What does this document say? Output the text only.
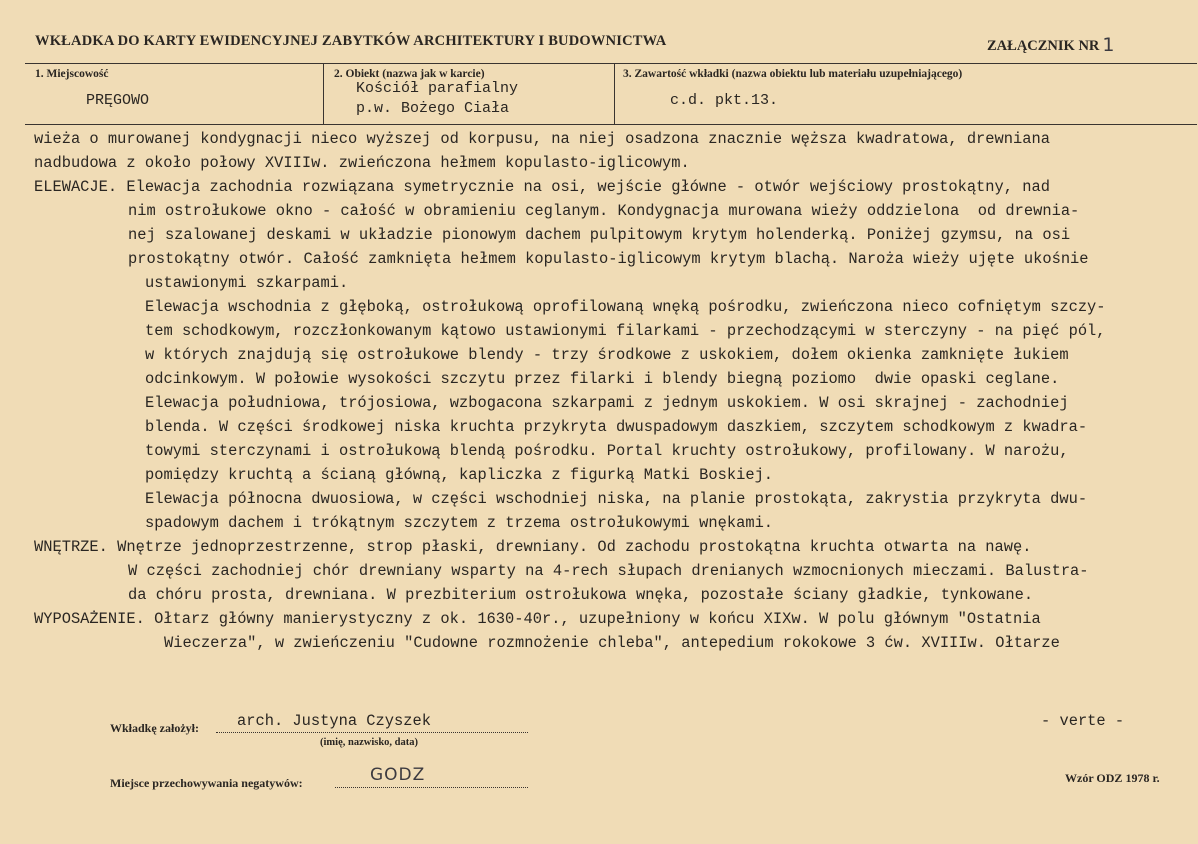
WKŁADKA DO KARTY EWIDENCYJNEJ ZABYTKÓW ARCHITEKTURY I BUDOWNICTWA	ZAŁĄCZNIK NR 1
1. Miejscowość
PRĘGOWO
2. Obiekt (nazwa jak w karcie)
Kościół parafialny
p.w. Bożego Ciała
3. Zawartość wkładki (nazwa obiektu lub materiału uzupełniającego)
c.d. pkt.13.
wieża o murowanej kondygnacji nieco wyższej od korpusu, na niej osadzona znacznie węższa kwadratowa, drewniana
nadbudowa z około połowy XVIIIw. zwieńczona hełmem kopulasto-iglicowym.
ELEWACJE. Elewacja zachodnia rozwiązana symetrycznie na osi, wejście główne - otwór wejściowy prostokątny, nad
nim ostrołukowe okno - całość w obramieniu ceglanym. Kondygnacja murowana wieży oddzielona  od drewnia-
nej szalowanej deskami w układzie pionowym dachem pulpitowym krytym holenderką. Poniżej gzymsu, na osi
prostokątny otwór. Całość zamknięta hełmem kopulasto-iglicowym krytym blachą. Naroża wieży ujęte ukośnie
ustawionymi szkarpami.
Elewacja wschodnia z głęboką, ostrołukową oprofilowaną wnęką pośrodku, zwieńczona nieco cofniętym szczy-
tem schodkowym, rozczłonkowanym kątowo ustawionymi filarkami - przechodzącymi w sterczyny - na pięć pól,
w których znajdują się ostrołukowe blendy - trzy środkowe z uskokiem, dołem okienka zamknięte łukiem
odcinkowym. W połowie wysokości szczytu przez filarki i blendy biegną poziomo  dwie opaski ceglane.
Elewacja południowa, trójosiowa, wzbogacona szkarpami z jednym uskokiem. W osi skrajnej - zachodniej
blenda. W części środkowej niska kruchta przykryta dwuspadowym daszkiem, szczytem schodkowym z kwadra-
towymi sterczynami i ostrołukową blendą pośrodku. Portal kruchty ostrołukowy, profilowany. W narożu,
pomiędzy kruchtą a ścianą główną, kapliczka z figurką Matki Boskiej.
Elewacja północna dwuosiowa, w części wschodniej niska, na planie prostokąta, zakrystia przykryta dwu-
spadowym dachem i trókątnym szczytem z trzema ostrołukowymi wnękami.
WNĘTRZE. Wnętrze jednoprzestrzenne, strop płaski, drewniany. Od zachodu prostokątna kruchta otwarta na nawę.
W części zachodniej chór drewniany wsparty na 4-rech słupach drenianych wzmocnionych mieczami. Balustra-
da chóru prosta, drewniana. W prezbiterium ostrołukowa wnęka, pozostałe ściany gładkie, tynkowane.
WYPOSAŻENIE. Ołtarz główny manierystyczny z ok. 1630-40r., uzupełniony w końcu XIXw. W polu głównym "Ostatnia
Wieczerza", w zwieńczeniu "Cudowne rozmnożenie chleba", antepedium rokokowe 3 ćw. XVIIIw. Ołtarze
Wkładkę założył: arch. Justyna Czyszek
(imię, nazwisko, data)
- verte -
Miejsce przechowywania negatywów:	GODZ	Wzór ODZ 1978 r.
